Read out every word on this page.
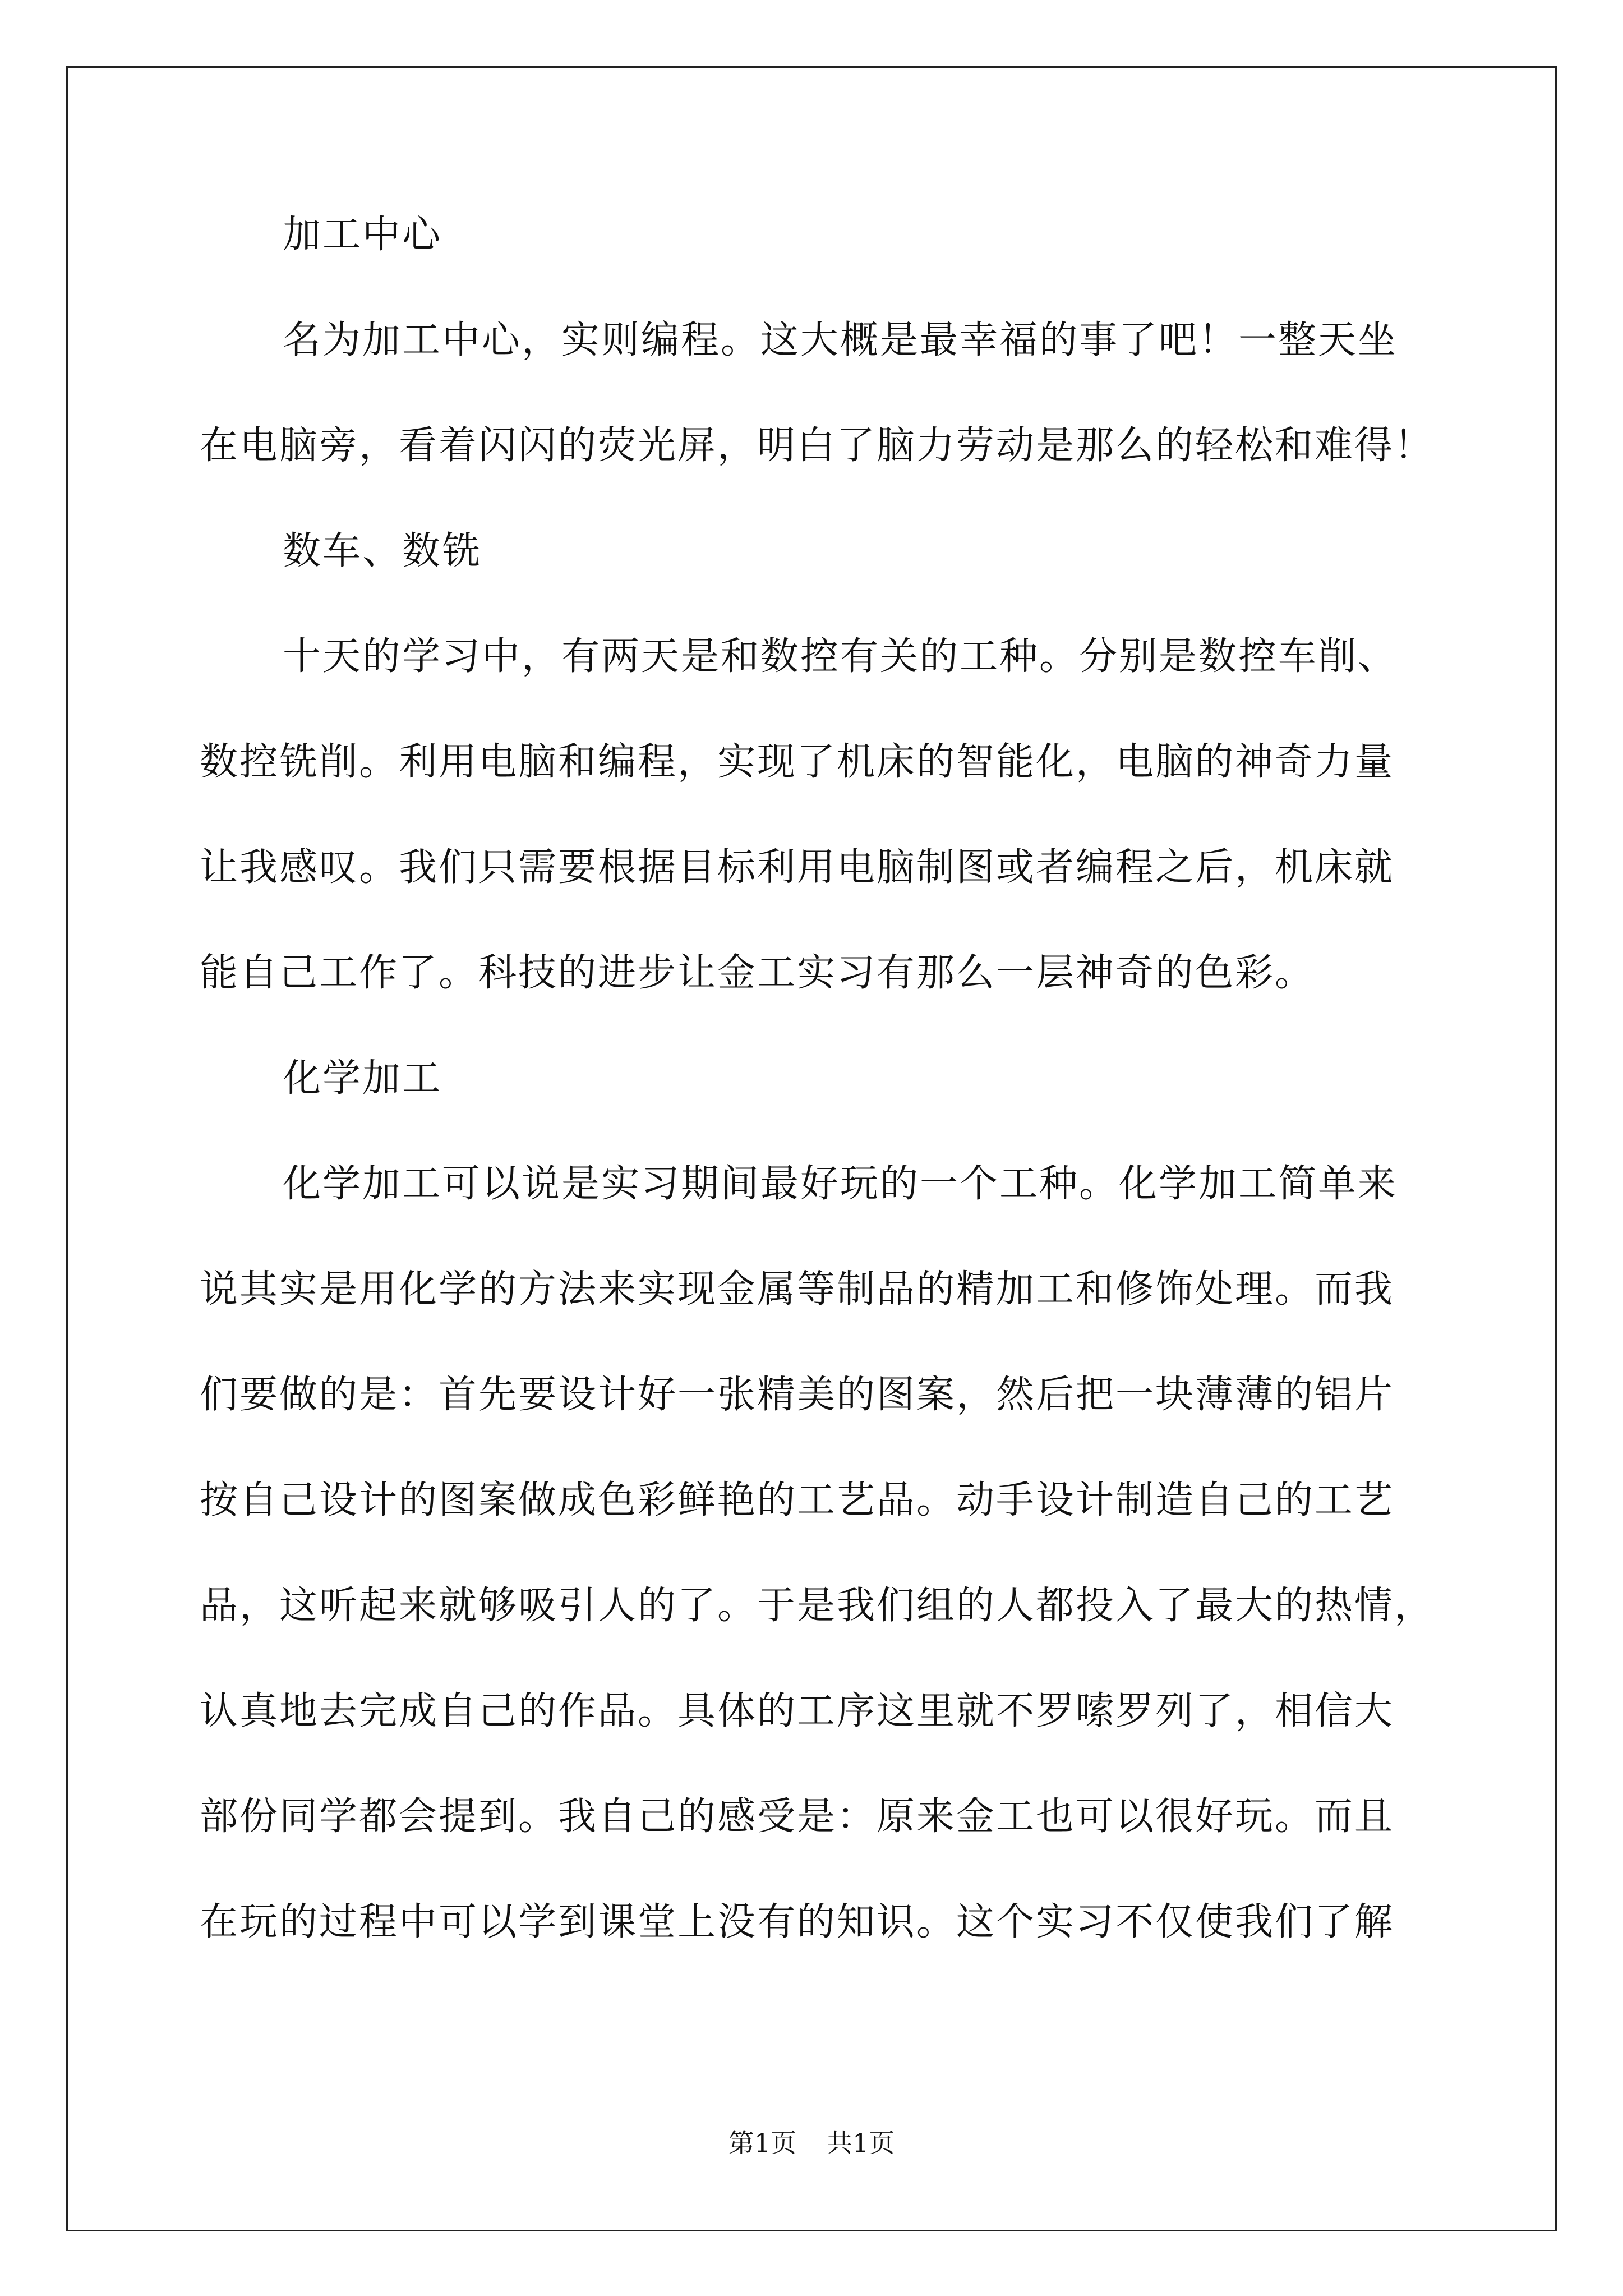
加工中心
名为加工中心，实则编程。这大概是最幸福的事了吧！一整天坐
在电脑旁，看着闪闪的荧光屏，明白了脑力劳动是那么的轻松和难得！
数车、数铣
十天的学习中，有两天是和数控有关的工种。分别是数控车削、
数控铣削。利用电脑和编程，实现了机床的智能化，电脑的神奇力量
让我感叹。我们只需要根据目标利用电脑制图或者编程之后，机床就
能自己工作了。科技的进步让金工实习有那么一层神奇的色彩。
化学加工
化学加工可以说是实习期间最好玩的一个工种。化学加工简单来
说其实是用化学的方法来实现金属等制品的精加工和修饰处理。而我
们要做的是：首先要设计好一张精美的图案，然后把一块薄薄的铝片
按自己设计的图案做成色彩鲜艳的工艺品。动手设计制造自己的工艺
品，这听起来就够吸引人的了。于是我们组的人都投入了最大的热情，
认真地去完成自己的作品。具体的工序这里就不罗嗦罗列了，相信大
部份同学都会提到。我自己的感受是：原来金工也可以很好玩。而且
在玩的过程中可以学到课堂上没有的知识。这个实习不仅使我们了解
第1页 共1页
